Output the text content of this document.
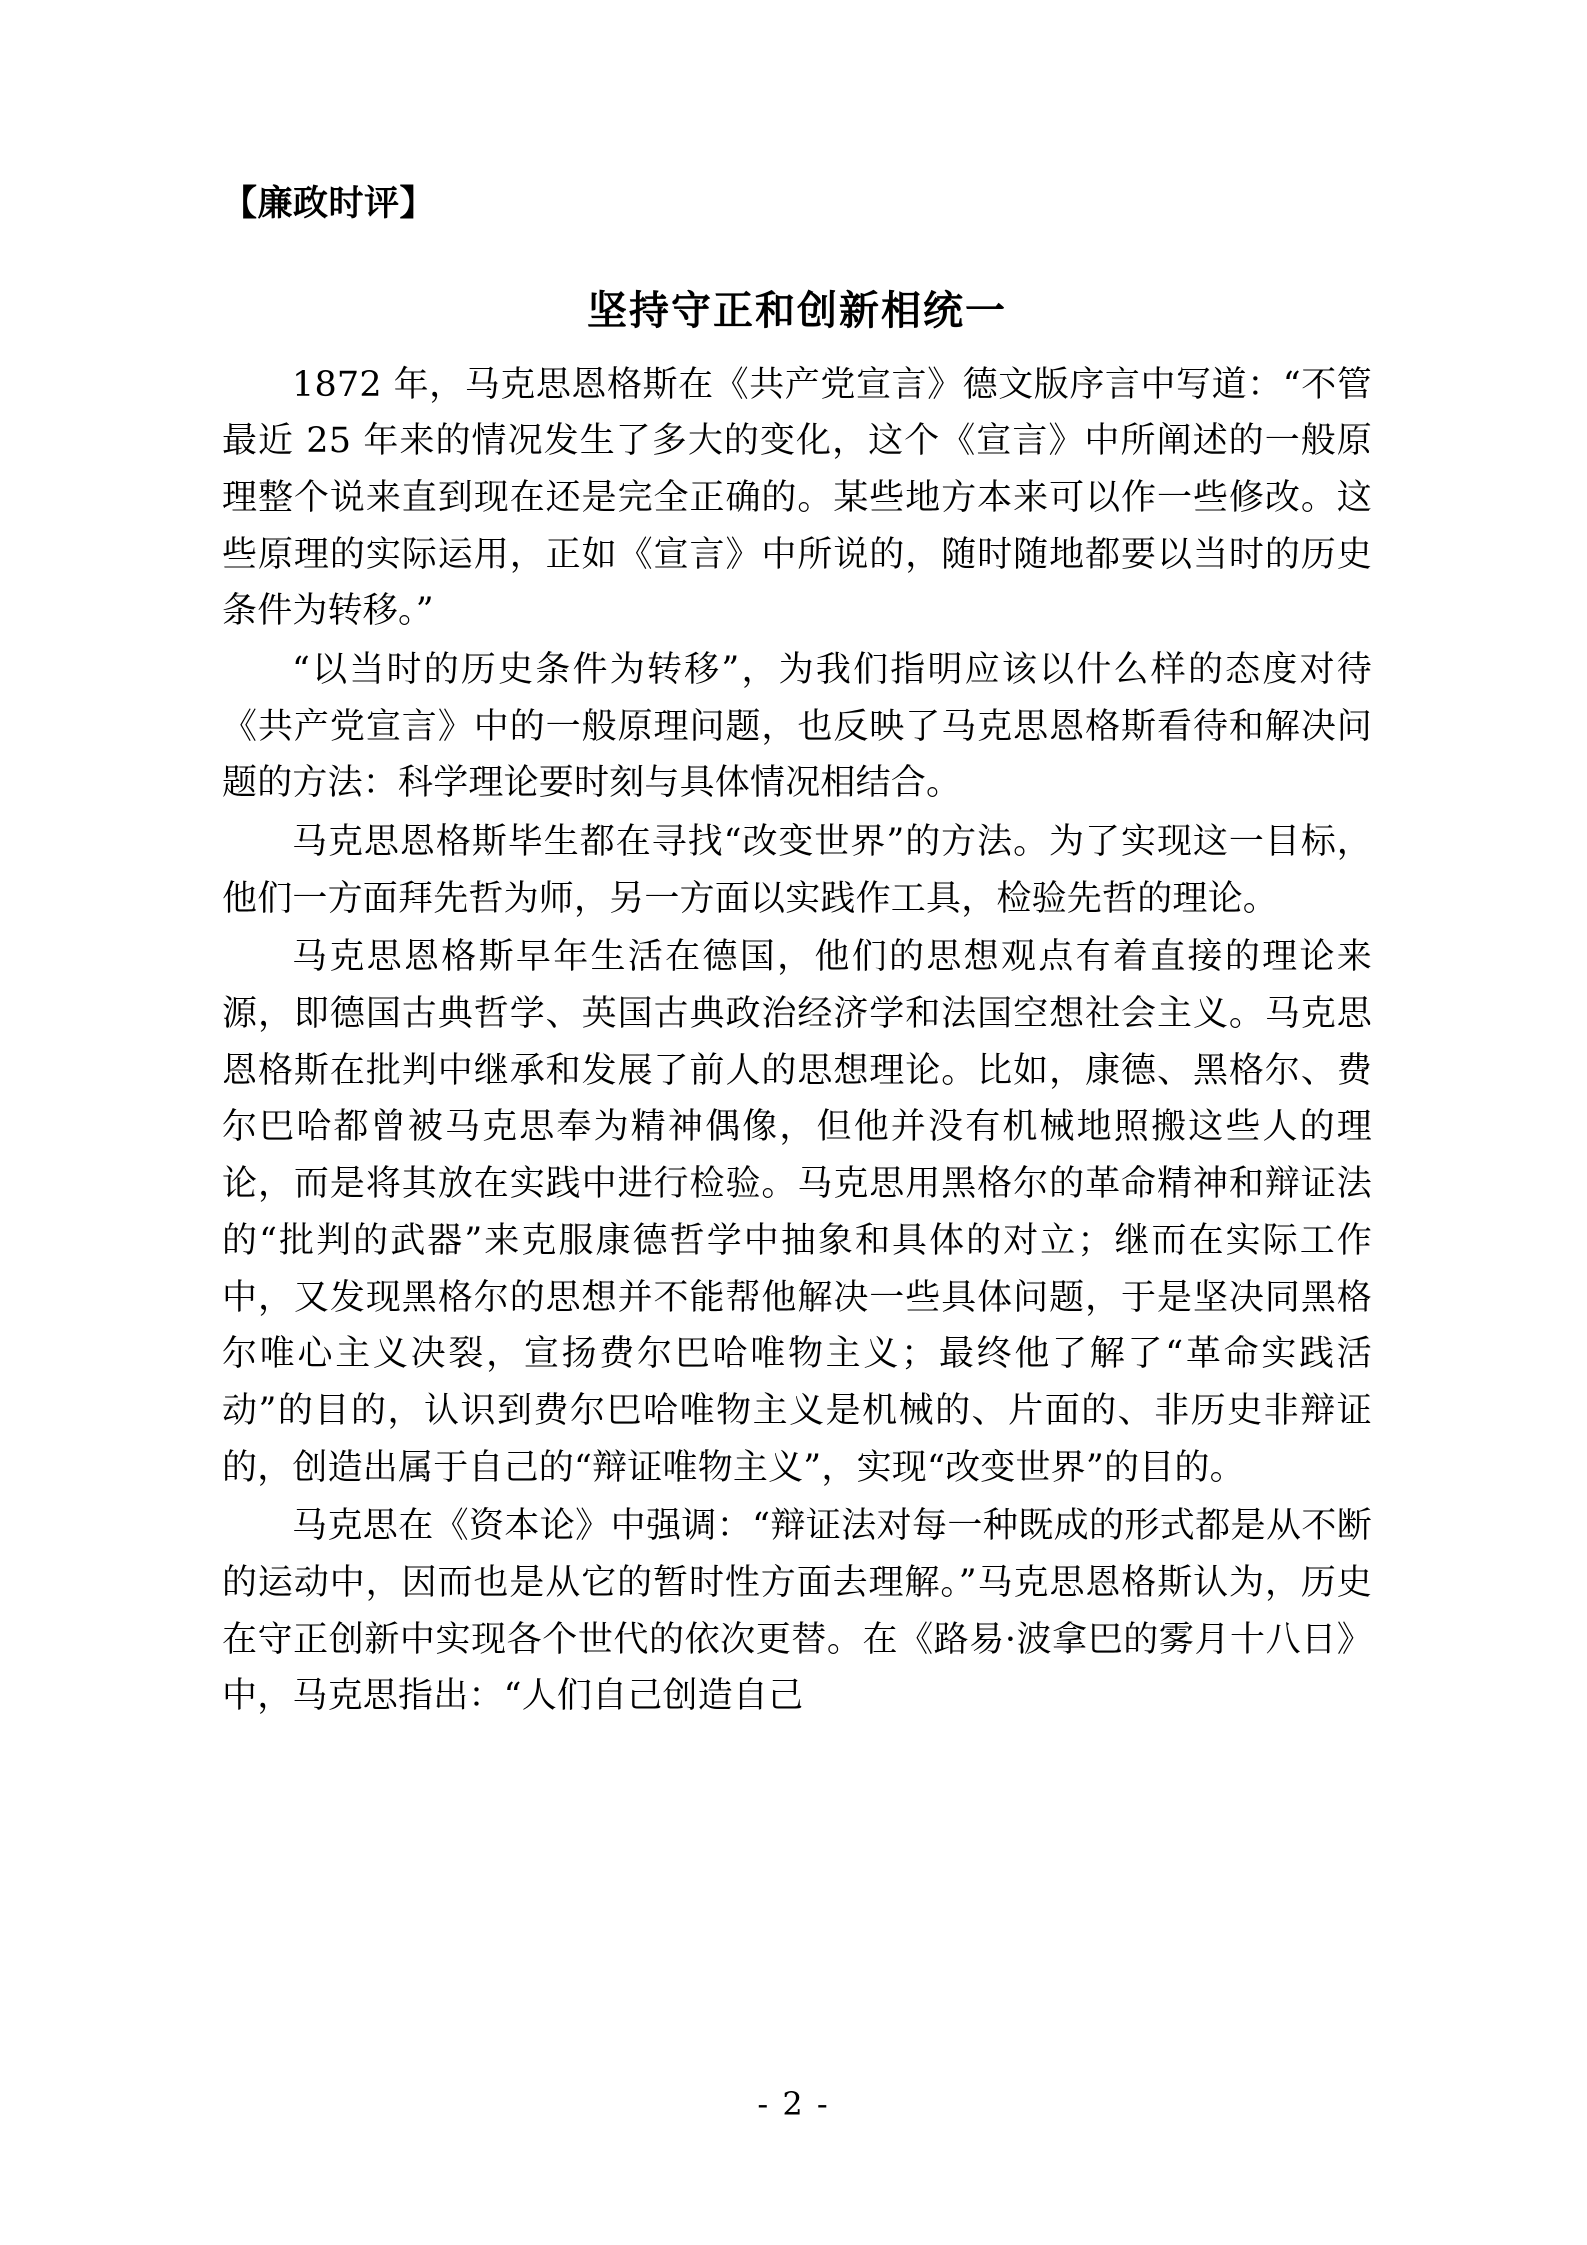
【廉政时评】
坚持守正和创新相统一

1872 年，马克思恩格斯在《共产党宣言》德文版序言中写道：“不管最近 25 年来的情况发生了多大的变化，这个《宣言》中所阐述的一般原理整个说来直到现在还是完全正确的。某些地方本来可以作一些修改。这些原理的实际运用，正如《宣言》中所说的，随时随地都要以当时的历史条件为转移。”

“以当时的历史条件为转移”，为我们指明应该以什么样的态度对待《共产党宣言》中的一般原理问题，也反映了马克思恩格斯看待和解决问题的方法：科学理论要时刻与具体情况相结合。

马克思恩格斯毕生都在寻找“改变世界”的方法。为了实现这一目标，他们一方面拜先哲为师，另一方面以实践作工具，检验先哲的理论。

马克思恩格斯早年生活在德国，他们的思想观点有着直接的理论来源，即德国古典哲学、英国古典政治经济学和法国空想社会主义。马克思恩格斯在批判中继承和发展了前人的思想理论。比如，康德、黑格尔、费尔巴哈都曾被马克思奉为精神偶像，但他并没有机械地照搬这些人的理论，而是将其放在实践中进行检验。马克思用黑格尔的革命精神和辩证法的“批判的武器”来克服康德哲学中抽象和具体的对立；继而在实际工作中，又发现黑格尔的思想并不能帮他解决一些具体问题，于是坚决同黑格尔唯心主义决裂，宣扬费尔巴哈唯物主义；最终他了解了“革命实践活动”的目的，认识到费尔巴哈唯物主义是机械的、片面的、非历史非辩证的，创造出属于自己的“辩证唯物主义”，实现“改变世界”的目的。

马克思在《资本论》中强调：“辩证法对每一种既成的形式都是从不断的运动中，因而也是从它的暂时性方面去理解。”马克思恩格斯认为，历史在守正创新中实现各个世代的依次更替。在《路易·波拿巴的雾月十八日》中，马克思指出：“人们自己创造自己

- 2 -
